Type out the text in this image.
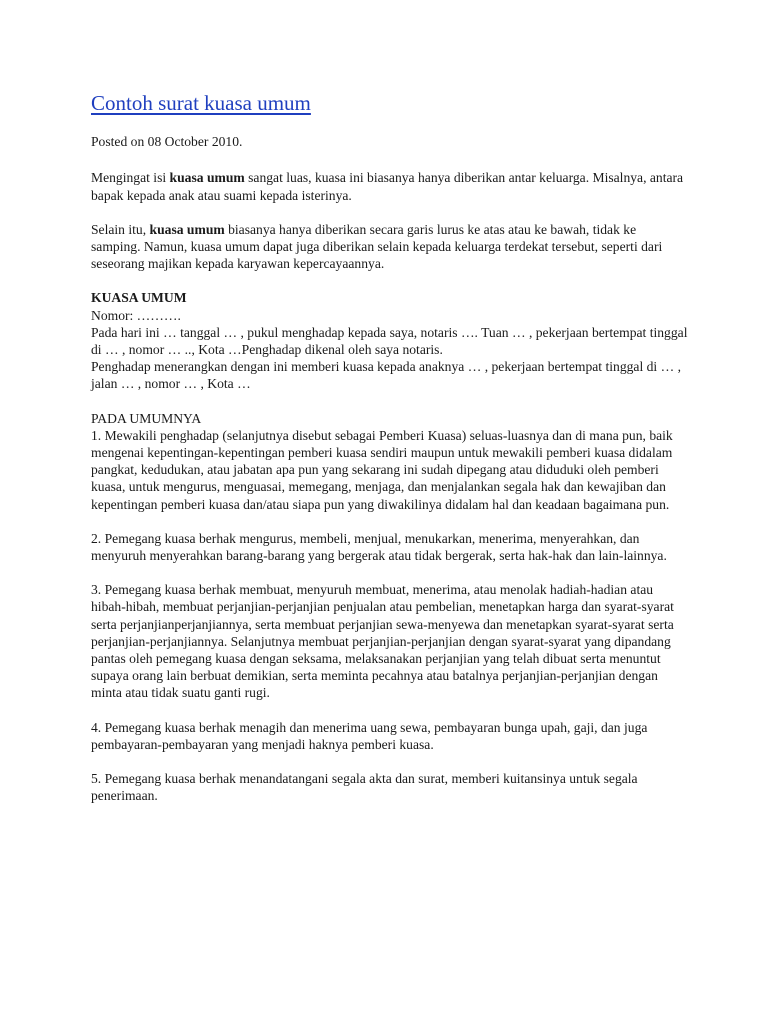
Contoh surat kuasa umum

Posted on 08 October 2010.

Mengingat isi kuasa umum sangat luas, kuasa ini biasanya hanya diberikan antar keluarga. Misalnya, antara bapak kepada anak atau suami kepada isterinya.

Selain itu, kuasa umum biasanya hanya diberikan secara garis lurus ke atas atau ke bawah, tidak ke samping. Namun, kuasa umum dapat juga diberikan selain kepada keluarga terdekat tersebut, seperti dari seseorang majikan kepada karyawan kepercayaannya.

KUASA UMUM

Nomor: ……….

Pada hari ini … tanggal … , pukul menghadap kepada saya, notaris …. Tuan … , pekerjaan bertempat tinggal di … , nomor … .., Kota …Penghadap dikenal oleh saya notaris.

Penghadap menerangkan dengan ini memberi kuasa kepada anaknya … , pekerjaan bertempat tinggal di … , jalan … , nomor … , Kota …

PADA UMUMNYA

1. Mewakili penghadap (selanjutnya disebut sebagai Pemberi Kuasa) seluas-luasnya dan di mana pun, baik mengenai kepentingan-kepentingan pemberi kuasa sendiri maupun untuk mewakili pemberi kuasa didalam pangkat, kedudukan, atau jabatan apa pun yang sekarang ini sudah dipegang atau diduduki oleh pemberi kuasa, untuk mengurus, menguasai, memegang, menjaga, dan menjalankan segala hak dan kewajiban dan kepentingan pemberi kuasa dan/atau siapa pun yang diwakilinya didalam hal dan keadaan bagaimana pun.

2. Pemegang kuasa berhak mengurus, membeli, menjual, menukarkan, menerima, menyerahkan, dan menyuruh menyerahkan barang-barang yang bergerak atau tidak bergerak, serta hak-hak dan lain-lainnya.

3. Pemegang kuasa berhak membuat, menyuruh membuat, menerima, atau menolak hadiah-hadian atau hibah-hibah, membuat perjanjian-perjanjian penjualan atau pembelian, menetapkan harga dan syarat-syarat serta perjanjianperjanjiannya, serta membuat perjanjian sewa-menyewa dan menetapkan syarat-syarat serta perjanjian-perjanjiannya. Selanjutnya membuat perjanjian-perjanjian dengan syarat-syarat yang dipandang pantas oleh pemegang kuasa dengan seksama, melaksanakan perjanjian yang telah dibuat serta menuntut supaya orang lain berbuat demikian, serta meminta pecahnya atau batalnya perjanjian-perjanjian dengan minta atau tidak suatu ganti rugi.

4. Pemegang kuasa berhak menagih dan menerima uang sewa, pembayaran bunga upah, gaji, dan juga pembayaran-pembayaran yang menjadi haknya pemberi kuasa.

5. Pemegang kuasa berhak menandatangani segala akta dan surat, memberi kuitansinya untuk segala penerimaan.
